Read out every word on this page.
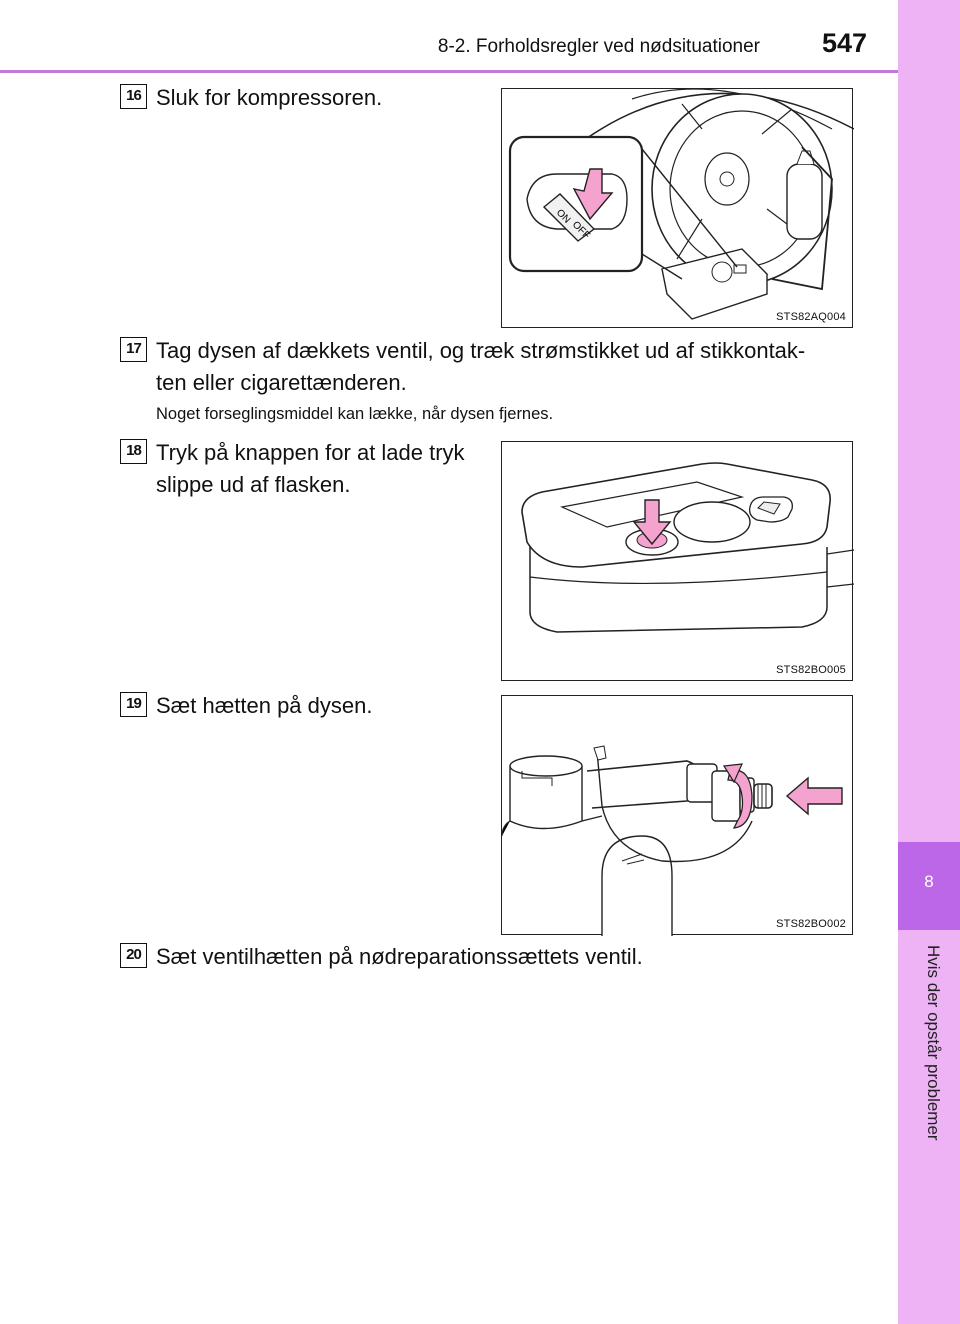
8-2. Forholdsregler ved nødsituationer 547
8
Hvis der opstår problemer
16 Sluk for kompressoren.
ON
OFF
STS82AQ004
17 Tag dysen af dækkets ventil, og træk strømstikket ud af stikkontak-
ten eller cigarettænderen.
Noget forseglingsmiddel kan lække, når dysen fjernes.
18 Tryk på knappen for at lade tryk
slippe ud af flasken.
STS82BO005
19 Sæt hætten på dysen.
STS82BO002
20 Sæt ventilhætten på nødreparationssættets ventil.
